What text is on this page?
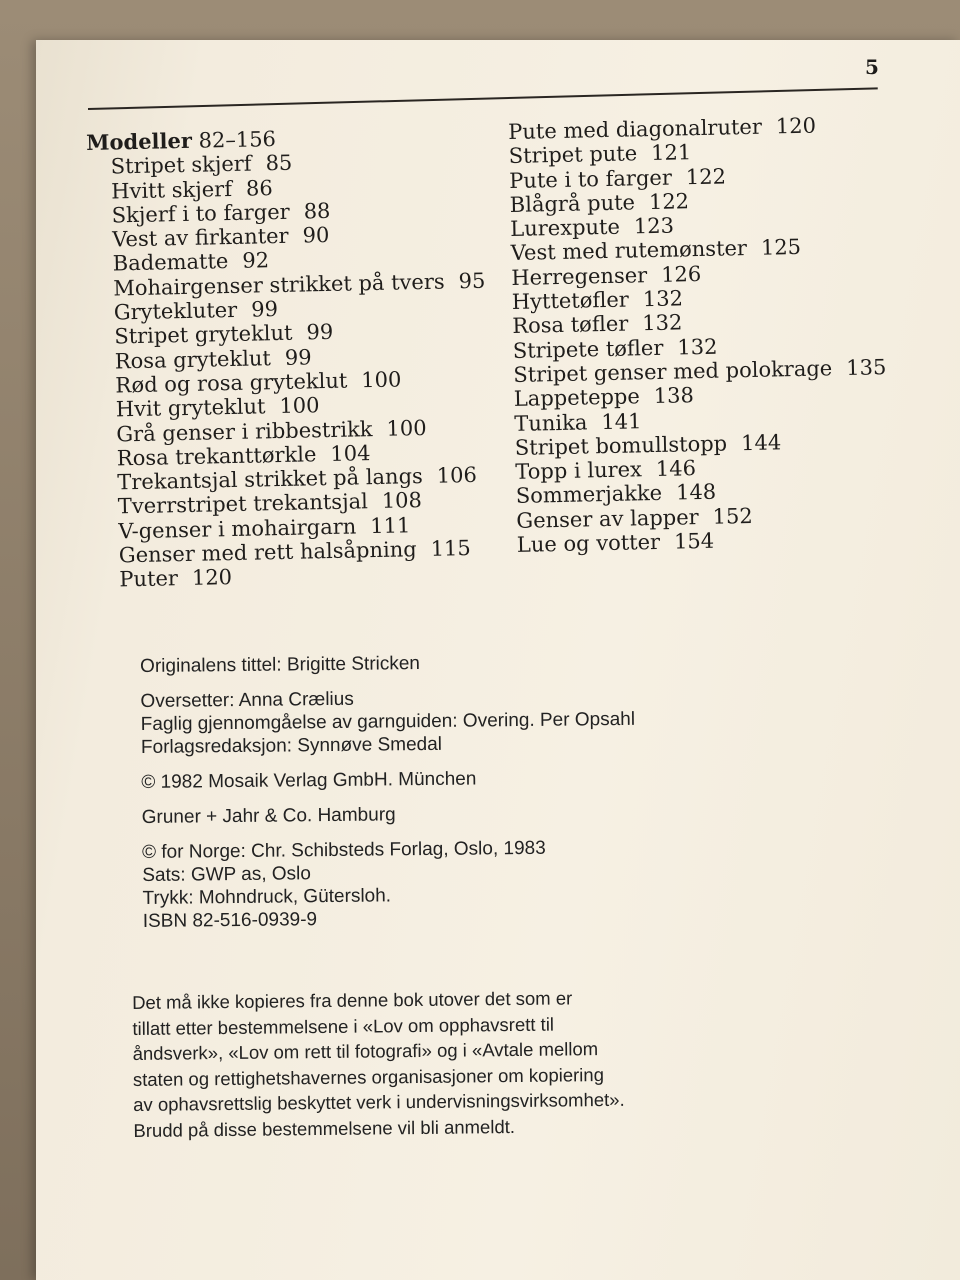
5
Modeller 82–156
Stripet skjerf 85
Hvitt skjerf 86
Skjerf i to farger 88
Vest av firkanter 90
Badematte 92
Mohairgenser strikket på tvers 95
Grytekluter 99
Stripet gryteklut 99
Rosa gryteklut 99
Rød og rosa gryteklut 100
Hvit gryteklut 100
Grå genser i ribbestrikk 100
Rosa trekanttørkle 104
Trekantsjal strikket på langs 106
Tverrstripet trekantsjal 108
V-genser i mohairgarn 111
Genser med rett halsåpning 115
Puter 120
Pute med diagonalruter 120
Stripet pute 121
Pute i to farger 122
Blågrå pute 122
Lurexpute 123
Vest med rutemønster 125
Herregenser 126
Hyttetøfler 132
Rosa tøfler 132
Stripete tøfler 132
Stripet genser med polokrage 135
Lappeteppe 138
Tunika 141
Stripet bomullstopp 144
Topp i lurex 146
Sommerjakke 148
Genser av lapper 152
Lue og votter 154
Originalens tittel: Brigitte Stricken
Oversetter: Anna Crælius
Faglig gjennomgåelse av garnguiden: Overing. Per Opsahl
Forlagsredaksjon: Synnøve Smedal
© 1982 Mosaik Verlag GmbH. München
Gruner + Jahr & Co. Hamburg
© for Norge: Chr. Schibsteds Forlag, Oslo, 1983
Sats: GWP as, Oslo
Trykk: Mohndruck, Gütersloh.
ISBN 82-516-0939-9

Det må ikke kopieres fra denne bok utover det som er

tillatt etter bestemmelsene i «Lov om opphavsrett til

åndsverk», «Lov om rett til fotografi» og i «Avtale mellom

staten og rettighetshavernes organisasjoner om kopiering

av ophavsrettslig beskyttet verk i undervisningsvirksomhet».

Brudd på disse bestemmelsene vil bli anmeldt.
